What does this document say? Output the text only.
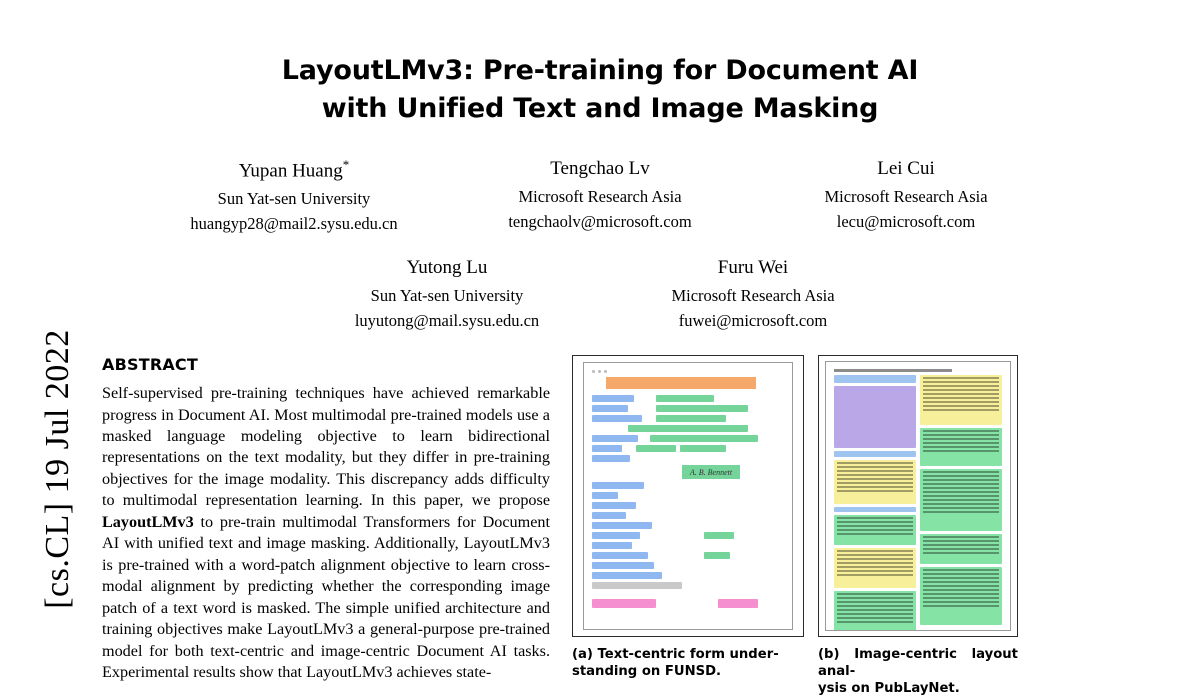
[cs.CL] 19 Jul 2022
LayoutLMv3: Pre-training for Document AI
with Unified Text and Image Masking
Yupan Huang*
Sun Yat-sen University
huangyp28@mail2.sysu.edu.cn
Tengchao Lv
Microsoft Research Asia
tengchaolv@microsoft.com
Lei Cui
Microsoft Research Asia
lecu@microsoft.com
Yutong Lu
Sun Yat-sen University
luyutong@mail.sysu.edu.cn
Furu Wei
Microsoft Research Asia
fuwei@microsoft.com
ABSTRACT
Self-supervised pre-training techniques have achieved remarkable progress in Document AI. Most multimodal pre-trained models use a masked language modeling objective to learn bidirectional representations on the text modality, but they differ in pre-training objectives for the image modality. This discrepancy adds difficulty to multimodal representation learning. In this paper, we propose LayoutLMv3 to pre-train multimodal Transformers for Document AI with unified text and image masking. Additionally, LayoutLMv3 is pre-trained with a word-patch alignment objective to learn cross-modal alignment by predicting whether the corresponding image patch of a text word is masked. The simple unified architecture and training objectives make LayoutLMv3 a general-purpose pre-trained model for both text-centric and image-centric Document AI tasks. Experimental results show that LayoutLMv3 achieves state-
A. B. Bennett
(a) Text-centric form under-
standing on FUNSD.
(b) Image-centric layout anal-
ysis on PubLayNet.
